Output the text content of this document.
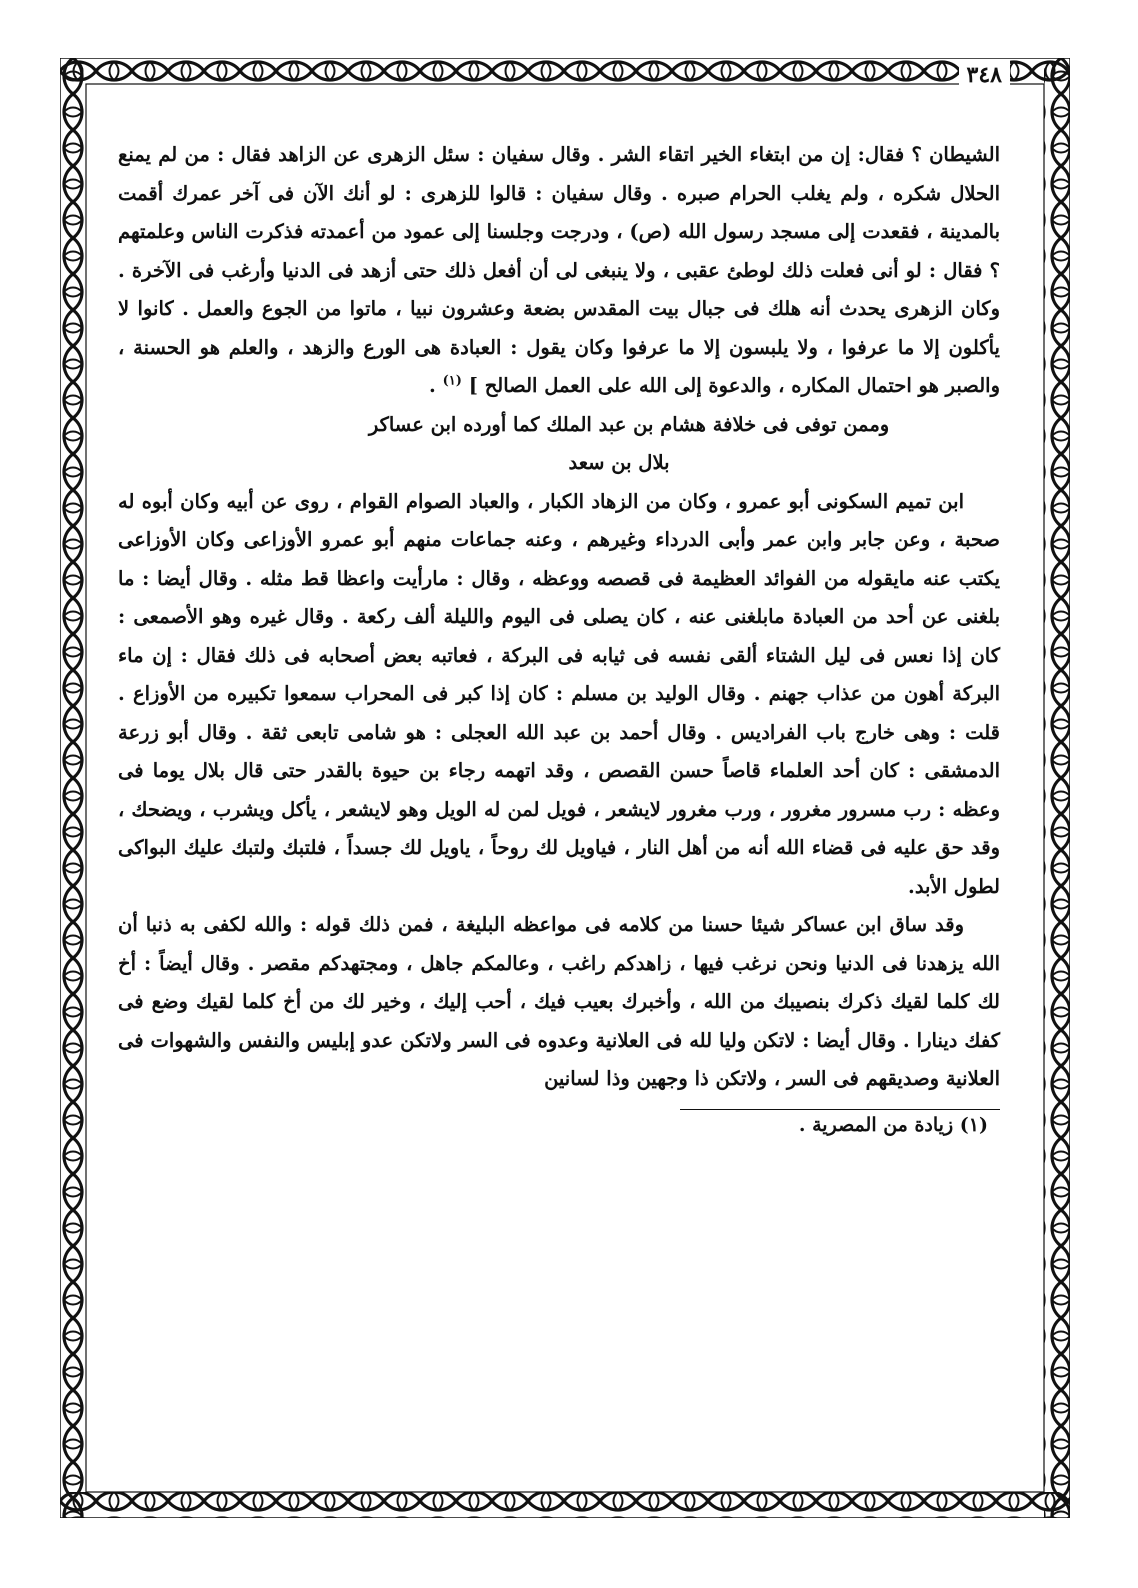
٣٤٨

الشيطان ؟ فقال: إن من ابتغاء الخير اتقاء الشر . وقال سفيان : سئل الزهرى عن الزاهد فقال : من لم يمنع الحلال شكره ، ولم يغلب الحرام صبره . وقال سفيان : قالوا للزهرى : لو أنك الآن فى آخر عمرك أقمت بالمدينة ، فقعدت إلى مسجد رسول الله (ص) ، ودرجت وجلسنا إلى عمود من أعمدته فذكرت الناس وعلمتهم ؟ فقال : لو أنى فعلت ذلك لوطئ عقبى ، ولا ينبغى لى أن أفعل ذلك حتى أزهد فى الدنيا وأرغب فى الآخرة . وكان الزهرى يحدث أنه هلك فى جبال بيت المقدس بضعة وعشرون نبيا ، ماتوا من الجوع والعمل . كانوا لا يأكلون إلا ما عرفوا ، ولا يلبسون إلا ما عرفوا وكان يقول : العبادة هى الورع والزهد ، والعلم هو الحسنة ، والصبر هو احتمال المكاره ، والدعوة إلى الله على العمل الصالح ] $^{(١)}$ .

وممن توفى فى خلافة هشام بن عبد الملك كما أورده ابن عساكر

بلال بن سعد

ابن تميم السكونى أبو عمرو ، وكان من الزهاد الكبار ، والعباد الصوام القوام ، روى عن أبيه وكان أبوه له صحبة ، وعن جابر وابن عمر وأبى الدرداء وغيرهم ، وعنه جماعات منهم أبو عمرو الأوزاعى وكان الأوزاعى يكتب عنه مايقوله من الفوائد العظيمة فى قصصه ووعظه ، وقال : مارأيت واعظا قط مثله . وقال أيضا : ما بلغنى عن أحد من العبادة مابلغنى عنه ، كان يصلى فى اليوم والليلة ألف ركعة . وقال غيره وهو الأصمعى : كان إذا نعس فى ليل الشتاء ألقى نفسه فى ثيابه فى البركة ، فعاتبه بعض أصحابه فى ذلك فقال : إن ماء البركة أهون من عذاب جهنم . وقال الوليد بن مسلم : كان إذا كبر فى المحراب سمعوا تكبيره من الأوزاع . قلت : وهى خارج باب الفراديس . وقال أحمد بن عبد الله العجلى : هو شامى تابعى ثقة . وقال أبو زرعة الدمشقى : كان أحد العلماء قاصاً حسن القصص ، وقد اتهمه رجاء بن حيوة بالقدر حتى قال بلال يوما فى وعظه : رب مسرور مغرور ، ورب مغرور لايشعر ، فويل لمن له الويل وهو لايشعر ، يأكل ويشرب ، ويضحك ، وقد حق عليه فى قضاء الله أنه من أهل النار ، فياويل لك روحاً ، ياويل لك جسداً ، فلتبك ولتبك عليك البواكى لطول الأبد.

وقد ساق ابن عساكر شيئا حسنا من كلامه فى مواعظه البليغة ، فمن ذلك قوله : والله لكفى به ذنبا أن الله يزهدنا فى الدنيا ونحن نرغب فيها ، زاهدكم راغب ، وعالمكم جاهل ، ومجتهدكم مقصر . وقال أيضاً : أخ لك كلما لقيك ذكرك بنصيبك من الله ، وأخبرك بعيب فيك ، أحب إليك ، وخير لك من أخ كلما لقيك وضع فى كفك دينارا . وقال أيضا : لاتكن وليا لله فى العلانية وعدوه فى السر ولاتكن عدو إبليس والنفس والشهوات فى العلانية وصديقهم فى السر ، ولاتكن ذا وجهين وذا لسانين

(١) زيادة من المصرية .
